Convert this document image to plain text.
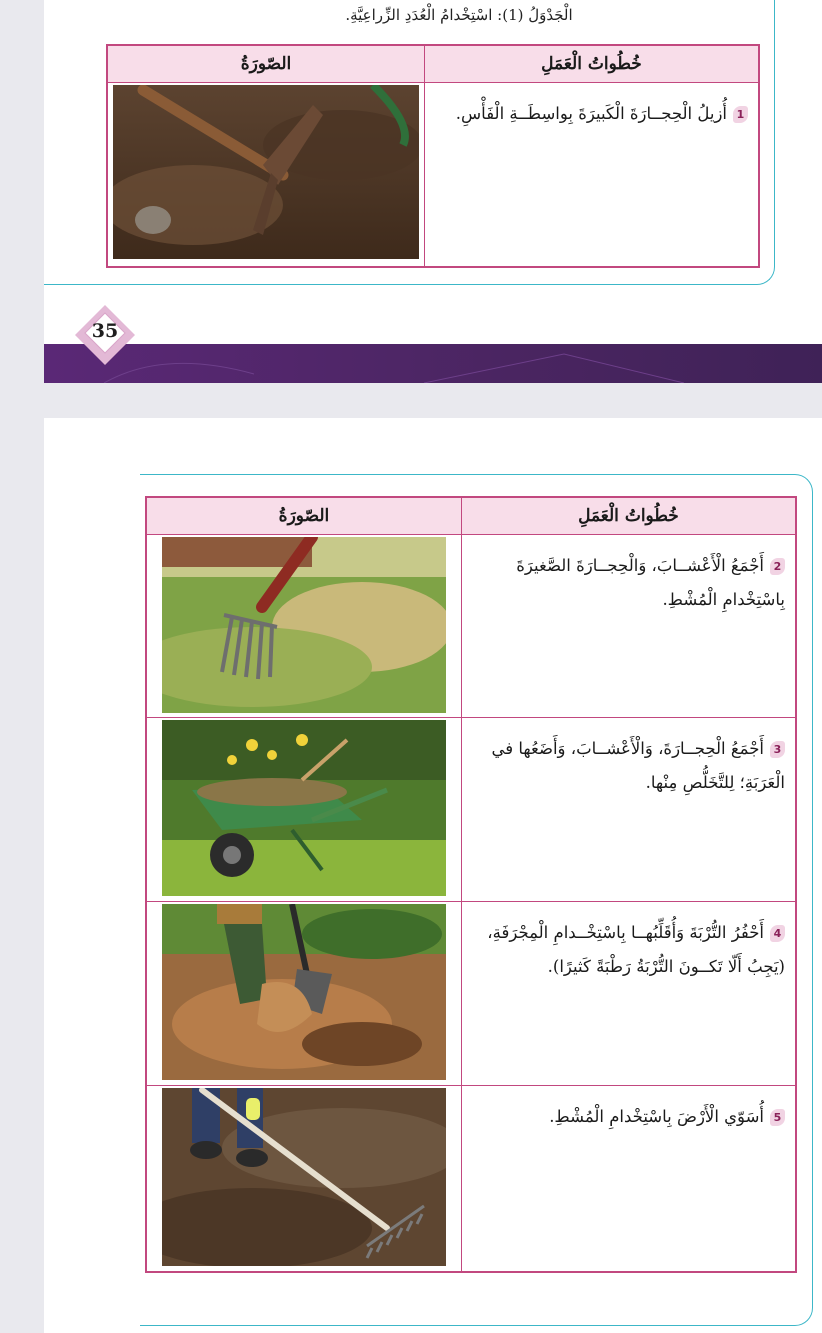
الْجَدْوَلُ (1): اسْتِخْدامُ الْعُدَدِ الزِّراعِيَّةِ.
خُطُواتُ الْعَمَلِ	الصّورَةُ
1أُزيلُ الْحِجــارَةَ الْكَبيرَةَ بِواسِطَــةِ الْفَأْسِ.	
35
خُطُواتُ الْعَمَلِ	الصّورَةُ
2أَجْمَعُ الْأَعْشــابَ، وَالْحِجــارَةَ الصَّغيرَةَ بِاسْتِخْدامِ الْمُشْطِ.	

3أَجْمَعُ الْحِجــارَةَ، وَالْأَعْشــابَ، وَأَضَعُها في الْعَرَبَةِ؛ لِلتَّخَلُّصِ مِنْها.	

4أَحْفُرُ التُّرْبَةَ وَأُقَلِّبُهــا بِاسْتِخْــدامِ الْمِجْرَفَةِ، (يَجِبُ أَلّا تَكــونَ التُّرْبَةُ رَطْبَةً كَثيرًا).	

5أُسَوّي الْأَرْضَ بِاسْتِخْدامِ الْمُشْطِ.	
